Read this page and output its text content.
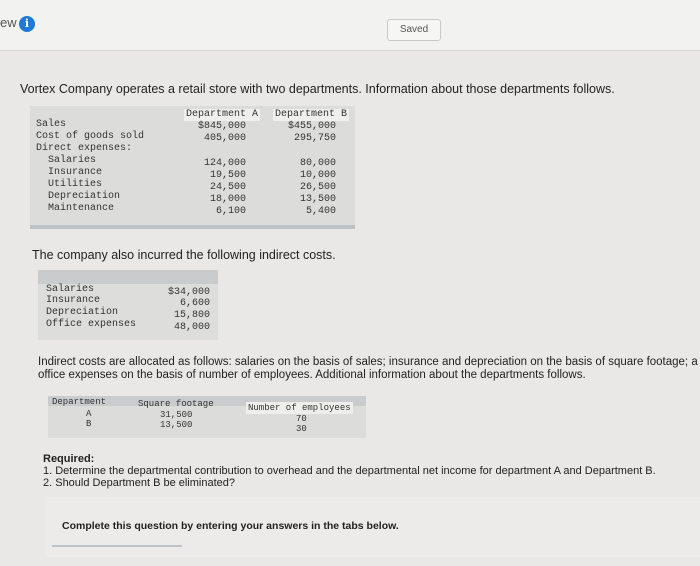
ew i	Saved
Vortex Company operates a retail store with two departments. Information about those departments follows.
Department A Department B
Sales	$845,000	$455,000
Cost of goods sold	405,000	295,750
Direct expenses:
Salaries	124,000	80,000
Insurance	19,500	10,000
Utilities	24,500	26,500
Depreciation	18,000	13,500
Maintenance	6,100	5,400
The company also incurred the following indirect costs.
Salaries	$34,000
Insurance	6,600
Depreciation	15,800
Office expenses	48,000
Indirect costs are allocated as follows: salaries on the basis of sales; insurance and depreciation on the basis of square footage; a
office expenses on the basis of number of employees. Additional information about the departments follows.
Department	Square footage	Number of employees
A	31,500	70
B	13,500	30
Required:
1. Determine the departmental contribution to overhead and the departmental net income for department A and Department B.
2. Should Department B be eliminated?
Complete this question by entering your answers in the tabs below.
